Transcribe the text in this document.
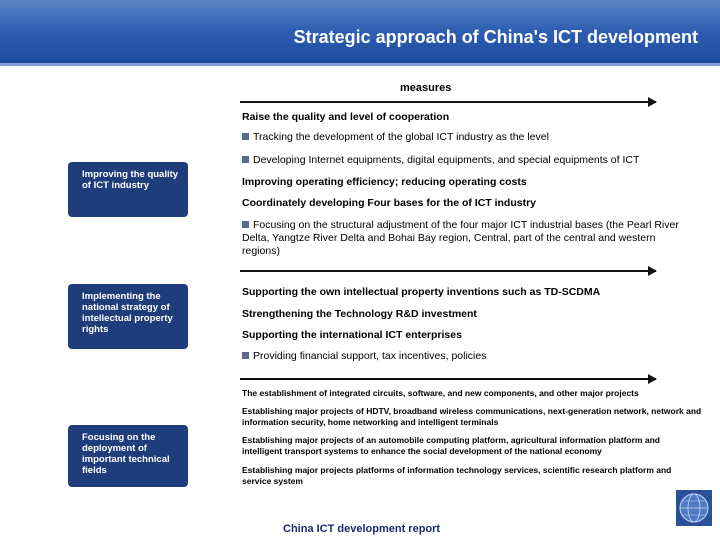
Strategic approach of China's ICT development
measures
Improving the quality of ICT industry
Raise the quality and level of cooperation
Tracking the development of the global ICT industry as the level
Developing Internet equipments, digital equipments, and special equipments of ICT
Improving operating efficiency; reducing operating costs
Coordinately developing Four bases for the of ICT industry
Focusing on the structural adjustment of the four major ICT industrial bases (the Pearl River Delta, Yangtze River Delta and Bohai Bay region, Central, part of the central and western regions)
Implementing the national strategy of intellectual property rights
Supporting the own intellectual property inventions such as TD-SCDMA
Strengthening the Technology R&D investment
Supporting the international ICT enterprises
Providing financial support, tax incentives, policies
Focusing on the deployment of important technical fields
The establishment of integrated circuits, software, and new components, and other major projects
Establishing major projects of HDTV, broadband wireless communications, next-generation network, network and information security, home networking and intelligent terminals
Establishing major projects of an automobile computing platform, agricultural information platform and intelligent transport systems to enhance the social development of the national economy
Establishing major projects platforms of information technology services, scientific research platform and service system
China ICT development report
